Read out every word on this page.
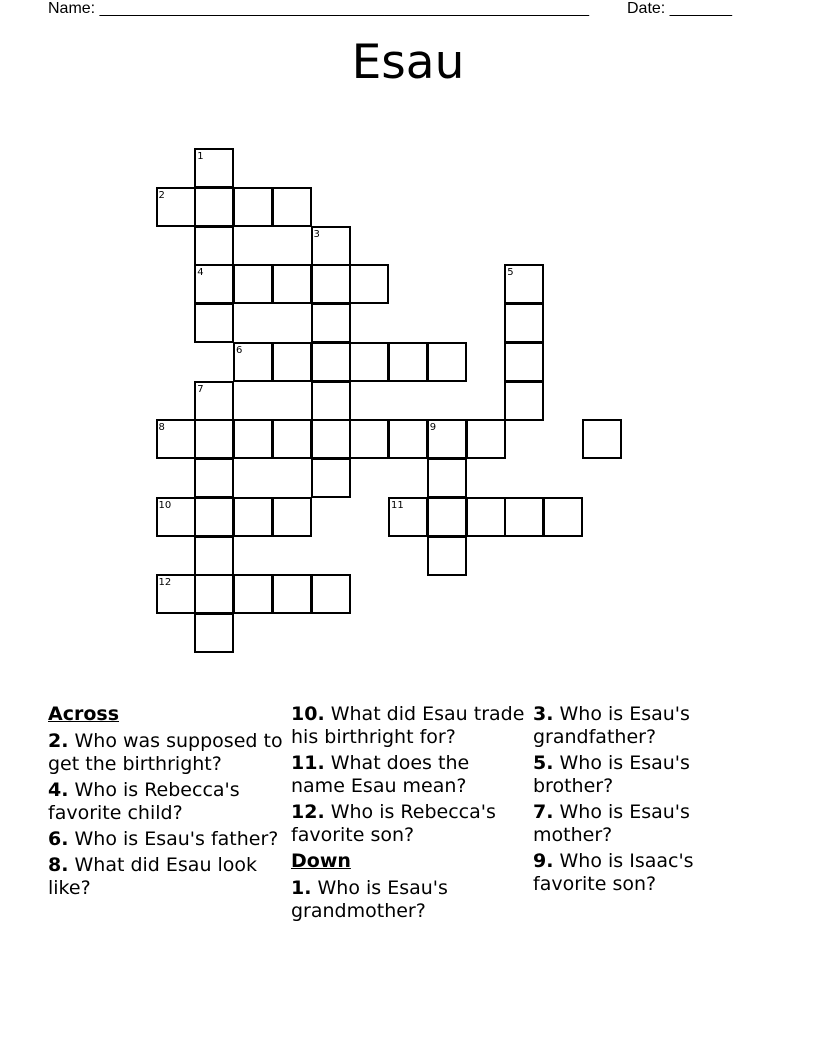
Name: _______________________________________________________ Date: _______
Esau
1
2
3
4	5
6
7
8	9
10	11
12
Across
2. Who was supposed to get the birthright?
4. Who is Rebecca's favorite child?
6. Who is Esau's father?
8. What did Esau look like?
10. What did Esau trade his birthright for?
11. What does the name Esau mean?
12. Who is Rebecca's favorite son?
Down
1. Who is Esau's grandmother?
3. Who is Esau's grandfather?
5. Who is Esau's brother?
7. Who is Esau's mother?
9. Who is Isaac's favorite son?
